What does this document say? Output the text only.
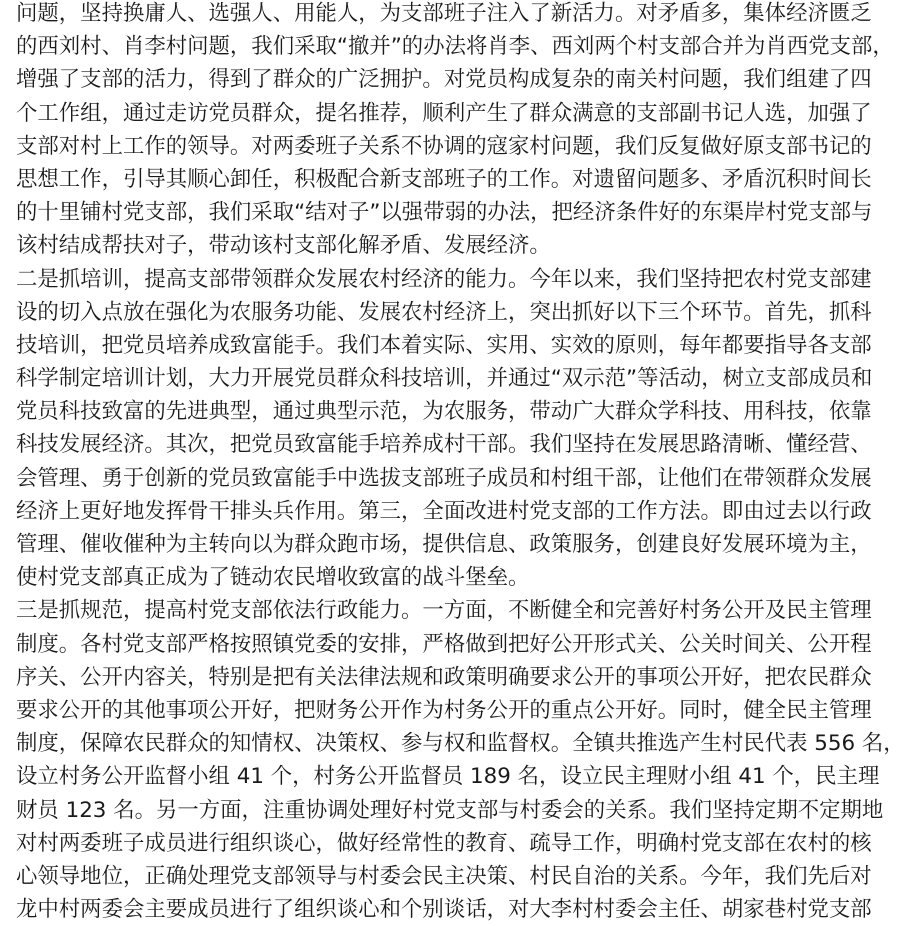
问题，坚持换庸人、选强人、用能人，为支部班子注入了新活力。对矛盾多，集体经济匮乏
的西刘村、肖李村问题，我们采取“撤并”的办法将肖李、西刘两个村支部合并为肖西党支部，
增强了支部的活力，得到了群众的广泛拥护。对党员构成复杂的南关村问题，我们组建了四
个工作组，通过走访党员群众，提名推荐，顺利产生了群众满意的支部副书记人选，加强了
支部对村上工作的领导。对两委班子关系不协调的寇家村问题，我们反复做好原支部书记的
思想工作，引导其顺心卸任，积极配合新支部班子的工作。对遗留问题多、矛盾沉积时间长
的十里铺村党支部，我们采取“结对子”以强带弱的办法，把经济条件好的东渠岸村党支部与
该村结成帮扶对子，带动该村支部化解矛盾、发展经济。
二是抓培训，提高支部带领群众发展农村经济的能力。今年以来，我们坚持把农村党支部建
设的切入点放在强化为农服务功能、发展农村经济上，突出抓好以下三个环节。首先，抓科
技培训，把党员培养成致富能手。我们本着实际、实用、实效的原则，每年都要指导各支部
科学制定培训计划，大力开展党员群众科技培训，并通过“双示范”等活动，树立支部成员和
党员科技致富的先进典型，通过典型示范，为农服务，带动广大群众学科技、用科技，依靠
科技发展经济。其次，把党员致富能手培养成村干部。我们坚持在发展思路清晰、懂经营、
会管理、勇于创新的党员致富能手中选拔支部班子成员和村组干部，让他们在带领群众发展
经济上更好地发挥骨干排头兵作用。第三，全面改进村党支部的工作方法。即由过去以行政
管理、催收催种为主转向以为群众跑市场，提供信息、政策服务，创建良好发展环境为主，
使村党支部真正成为了链动农民增收致富的战斗堡垒。
三是抓规范，提高村党支部依法行政能力。一方面，不断健全和完善好村务公开及民主管理
制度。各村党支部严格按照镇党委的安排，严格做到把好公开形式关、公关时间关、公开程
序关、公开内容关，特别是把有关法律法规和政策明确要求公开的事项公开好，把农民群众
要求公开的其他事项公开好，把财务公开作为村务公开的重点公开好。同时，健全民主管理
制度，保障农民群众的知情权、决策权、参与权和监督权。全镇共推选产生村民代表 556 名，
设立村务公开监督小组 41 个，村务公开监督员 189 名，设立民主理财小组 41 个，民主理
财员 123 名。另一方面，注重协调处理好村党支部与村委会的关系。我们坚持定期不定期地
对村两委班子成员进行组织谈心，做好经常性的教育、疏导工作，明确村党支部在农村的核
心领导地位，正确处理党支部领导与村委会民主决策、村民自治的关系。今年，我们先后对
龙中村两委会主要成员进行了组织谈心和个别谈话，对大李村村委会主任、胡家巷村党支部
